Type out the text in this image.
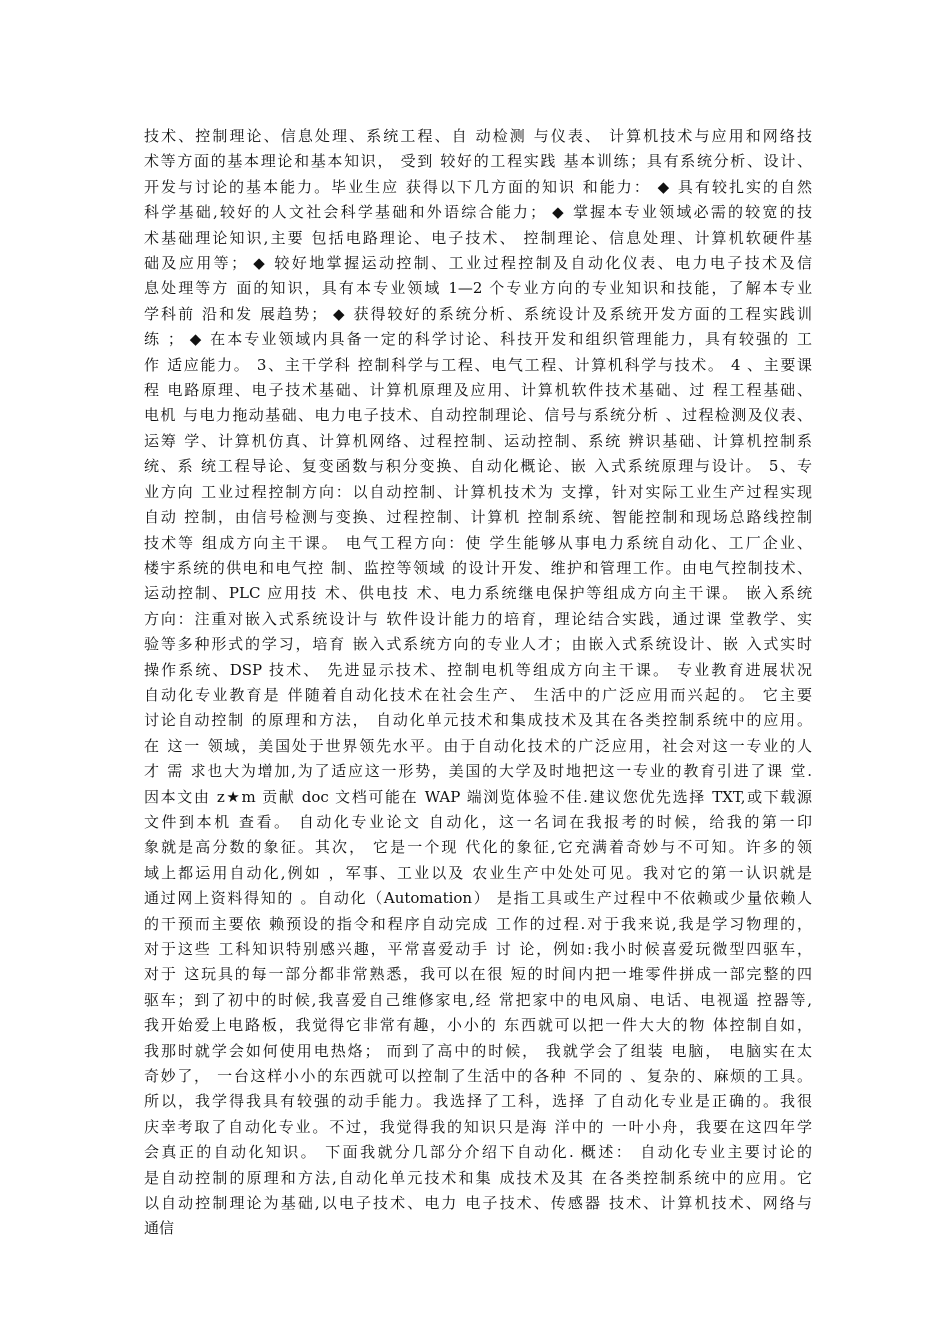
技术、控制理论、信息处理、系统工程、自 动检测 与仪表、 计算机技术与应用和网络技
术等方面的基本理论和基本知识， 受到 较好的工程实践 基本训练；具有系统分析、设计、
开发与讨论的基本能力。毕业生应 获得以下几方面的知识 和能力： ◆ 具有较扎实的自然
科学基础,较好的人文社会科学基础和外语综合能力； ◆ 掌握本专业领域必需的较宽的技
术基础理论知识,主要 包括电路理论、电子技术、 控制理论、信息处理、计算机软硬件基
础及应用等； ◆ 较好地掌握运动控制、工业过程控制及自动化仪表、电力电子技术及信
息处理等方 面的知识，具有本专业领域 1—2 个专业方向的专业知识和技能，了解本专业
学科前 沿和发 展趋势； ◆ 获得较好的系统分析、系统设计及系统开发方面的工程实践训
练 ； ◆ 在本专业领域内具备一定的科学讨论、科技开发和组织管理能力，具有较强的 工
作 适应能力。 3、主干学科 控制科学与工程、电气工程、计算机科学与技术。 4 、主要课
程 电路原理、电子技术基础、计算机原理及应用、计算机软件技术基础、过 程工程基础、
电机 与电力拖动基础、电力电子技术、自动控制理论、信号与系统分析 、过程检测及仪表、
运筹 学、计算机仿真、计算机网络、过程控制、运动控制、系统 辨识基础、计算机控制系
统、系 统工程导论、复变函数与积分变换、自动化概论、嵌 入式系统原理与设计。 5、专
业方向 工业过程控制方向：以自动控制、计算机技术为 支撑，针对实际工业生产过程实现
自动 控制，由信号检测与变换、过程控制、计算机 控制系统、智能控制和现场总路线控制
技术等 组成方向主干课。 电气工程方向：使 学生能够从事电力系统自动化、工厂企业、
楼宇系统的供电和电气控 制、监控等领域 的设计开发、维护和管理工作。由电气控制技术、
运动控制、PLC 应用技 术、供电技 术、电力系统继电保护等组成方向主干课。 嵌入系统
方向：注重对嵌入式系统设计与 软件设计能力的培育，理论结合实践，通过课 堂教学、实
验等多种形式的学习，培育 嵌入式系统方向的专业人才；由嵌入式系统设计、嵌 入式实时
操作系统、DSP 技术、 先进显示技术、控制电机等组成方向主干课。 专业教育进展状况
自动化专业教育是 伴随着自动化技术在社会生产、 生活中的广泛应用而兴起的。 它主要
讨论自动控制 的原理和方法， 自动化单元技术和集成技术及其在各类控制系统中的应用。
在 这一 领域，美国处于世界领先水平。由于自动化技术的广泛应用，社会对这一专业的人
才 需 求也大为增加,为了适应这一形势，美国的大学及时地把这一专业的教育引进了课 堂.
因本文由 z★m 贡献 doc 文档可能在 WAP 端浏览体验不佳.建议您优先选择 TXT,或下载源
文件到本机 查看。 自动化专业论文 自动化，这一名词在我报考的时候，给我的第一印
象就是高分数的象征。其次， 它是一个现 代化的象征,它充满着奇妙与不可知。许多的领
域上都运用自动化,例如 ，军事、工业以及 农业生产中处处可见。我对它的第一认识就是
通过网上资料得知的 。自动化（Automation） 是指工具或生产过程中不依赖或少量依赖人
的干预而主要依 赖预设的指令和程序自动完成 工作的过程.对于我来说,我是学习物理的，
对于这些 工科知识特别感兴趣，平常喜爱动手 讨 论，例如:我小时候喜爱玩微型四驱车，
对于 这玩具的每一部分都非常熟悉，我可以在很 短的时间内把一堆零件拼成一部完整的四
驱车；到了初中的时候,我喜爱自己维修家电,经 常把家中的电风扇、电话、电视遥 控器等,
我开始爱上电路板，我觉得它非常有趣，小小的 东西就可以把一件大大的物 体控制自如，
我那时就学会如何使用电热烙； 而到了高中的时候， 我就学会了组装 电脑， 电脑实在太
奇妙了， 一台这样小小的东西就可以控制了生活中的各种 不同的 、复杂的、麻烦的工具。
所以，我学得我具有较强的动手能力。我选择了工科，选择 了自动化专业是正确的。我很
庆幸考取了自动化专业。不过，我觉得我的知识只是海 洋中的 一叶小舟，我要在这四年学
会真正的自动化知识。 下面我就分几部分介绍下自动化. 概述： 自动化专业主要讨论的
是自动控制的原理和方法,自动化单元技术和集 成技术及其 在各类控制系统中的应用。它
以自动控制理论为基础,以电子技术、电力 电子技术、传感器 技术、计算机技术、网络与
通信
